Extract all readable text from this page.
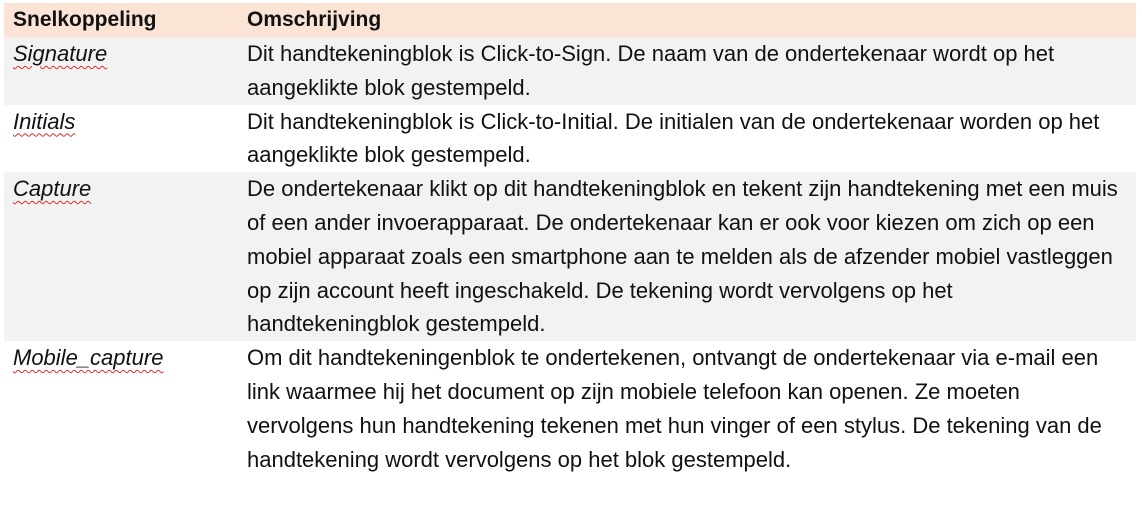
Snelkoppeling	Omschrijving

Signature	Dit handtekeningblok is Click-to-Sign. De naam van de ondertekenaar wordt op het aangeklikte blok gestempeld.

Initials	Dit handtekeningblok is Click-to-Initial. De initialen van de ondertekenaar worden op het aangeklikte blok gestempeld.

Capture	De ondertekenaar klikt op dit handtekeningblok en tekent zijn handtekening met een muis of een ander invoerapparaat. De ondertekenaar kan er ook voor kiezen om zich op een mobiel apparaat zoals een smartphone aan te melden als de afzender mobiel vastleggen op zijn account heeft ingeschakeld. De tekening wordt vervolgens op het handtekeningblok gestempeld.

Mobile_capture	Om dit handtekeningenblok te ondertekenen, ontvangt de ondertekenaar via e-mail een link waarmee hij het document op zijn mobiele telefoon kan openen. Ze moeten vervolgens hun handtekening tekenen met hun vinger of een stylus. De tekening van de handtekening wordt vervolgens op het blok gestempeld.
